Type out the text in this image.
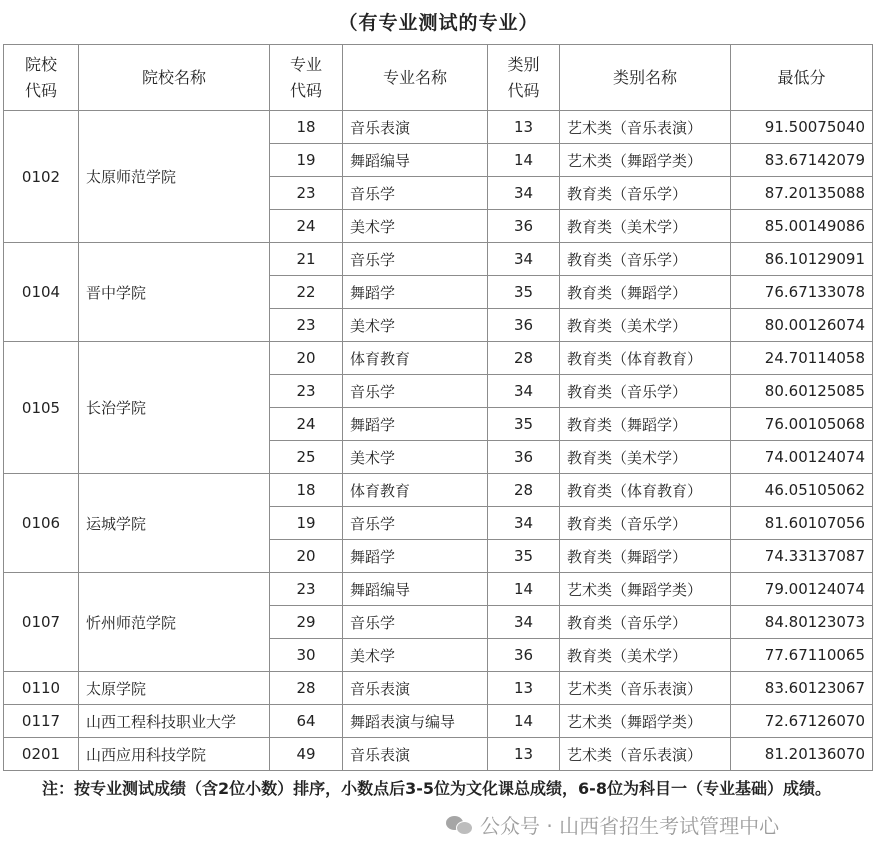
（有专业测试的专业）
院校
代码	院校名称	专业
代码	专业名称	类别
代码	类别名称	最低分
0102	太原师范学院	18	音乐表演	13	艺术类（音乐表演）	91.50075040
		19	舞蹈编导	14	艺术类（舞蹈学类）	83.67142079
		23	音乐学	34	教育类（音乐学）	87.20135088
		24	美术学	36	教育类（美术学）	85.00149086
0104	晋中学院	21	音乐学	34	教育类（音乐学）	86.10129091
		22	舞蹈学	35	教育类（舞蹈学）	76.67133078
		23	美术学	36	教育类（美术学）	80.00126074
0105	长治学院	20	体育教育	28	教育类（体育教育）	24.70114058
		23	音乐学	34	教育类（音乐学）	80.60125085
		24	舞蹈学	35	教育类（舞蹈学）	76.00105068
		25	美术学	36	教育类（美术学）	74.00124074
0106	运城学院	18	体育教育	28	教育类（体育教育）	46.05105062
		19	音乐学	34	教育类（音乐学）	81.60107056
		20	舞蹈学	35	教育类（舞蹈学）	74.33137087
0107	忻州师范学院	23	舞蹈编导	14	艺术类（舞蹈学类）	79.00124074
		29	音乐学	34	教育类（音乐学）	84.80123073
		30	美术学	36	教育类（美术学）	77.67110065
0110	太原学院	28	音乐表演	13	艺术类（音乐表演）	83.60123067
0117	山西工程科技职业大学	64	舞蹈表演与编导	14	艺术类（舞蹈学类）	72.67126070
0201	山西应用科技学院	49	音乐表演	13	艺术类（音乐表演）	81.20136070
注：按专业测试成绩（含2位小数）排序，小数点后3-5位为文化课总成绩，6-8位为科目一（专业基础）成绩。
公众号 · 山西省招生考试管理中心
